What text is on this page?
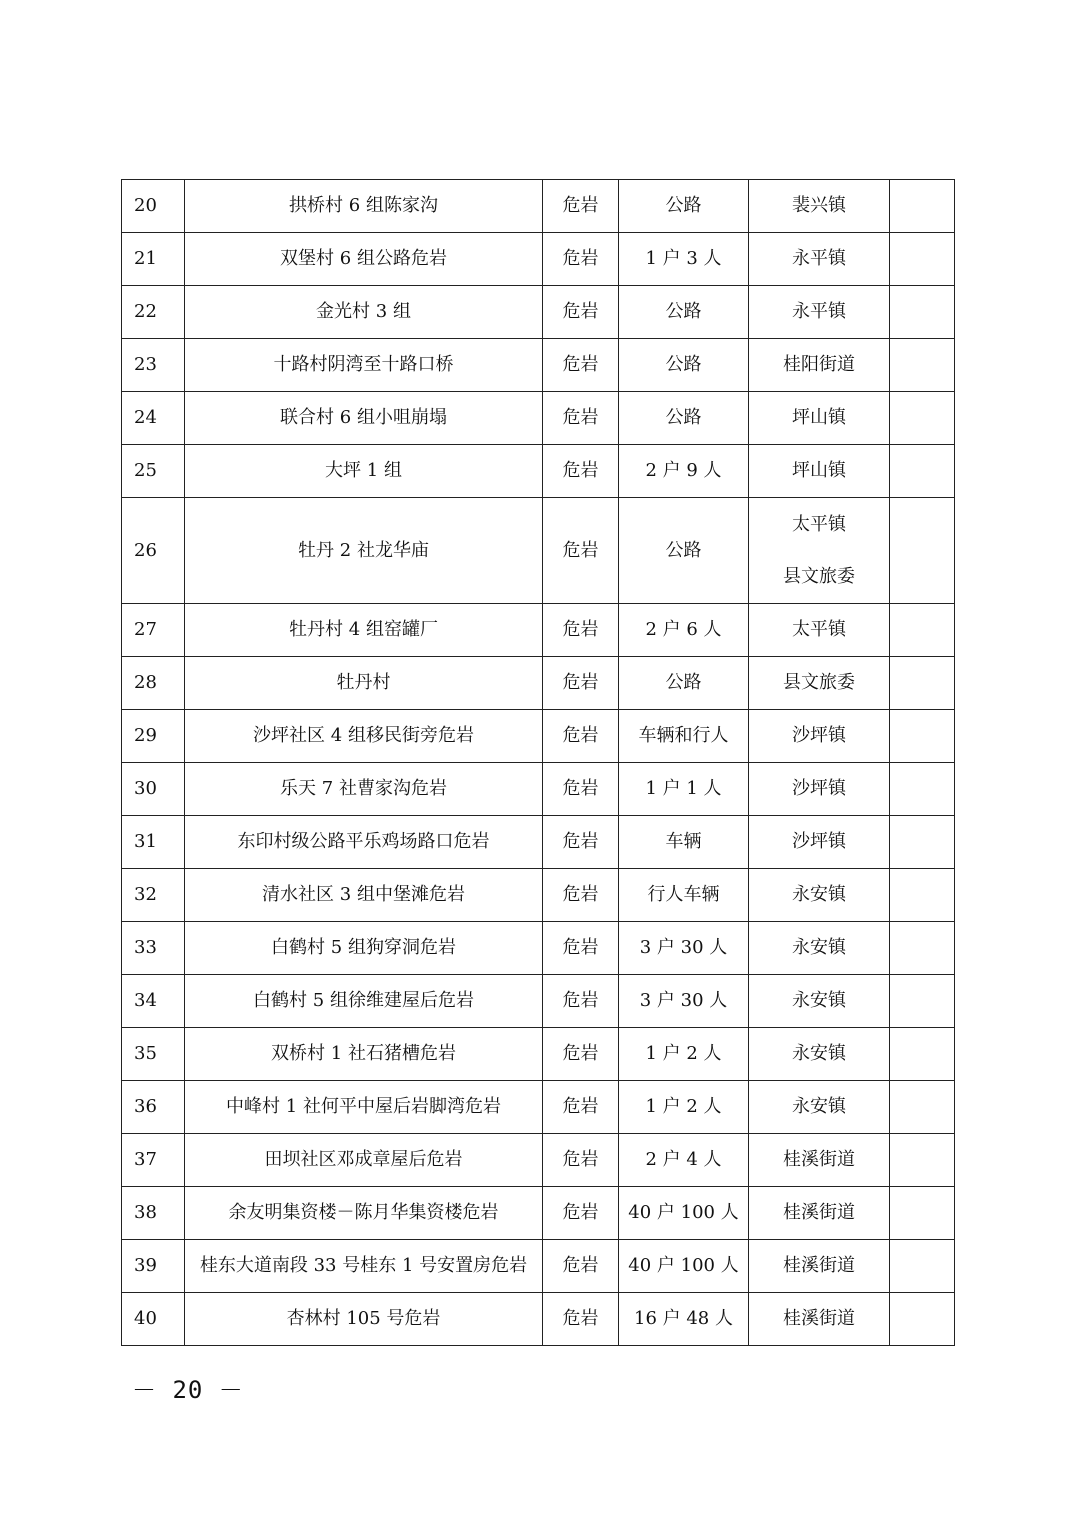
20	拱桥村 6 组陈家沟	危岩	公路	裴兴镇	
21	双堡村 6 组公路危岩	危岩	1 户 3 人	永平镇	
22	金光村 3 组	危岩	公路	永平镇	
23	十路村阴湾至十路口桥	危岩	公路	桂阳街道	
24	联合村 6 组小咀崩塌	危岩	公路	坪山镇	
25	大坪 1 组	危岩	2 户 9 人	坪山镇	
26	牡丹 2 社龙华庙	危岩	公路	太平镇
县文旅委	

27	牡丹村 4 组窑罐厂	危岩	2 户 6 人	太平镇	
28	牡丹村	危岩	公路	县文旅委	
29	沙坪社区 4 组移民街旁危岩	危岩	车辆和行人	沙坪镇	
30	乐天 7 社曹家沟危岩	危岩	1 户 1 人	沙坪镇	
31	东印村级公路平乐鸡场路口危岩	危岩	车辆	沙坪镇	
32	清水社区 3 组中堡滩危岩	危岩	行人车辆	永安镇	
33	白鹤村 5 组狗穿洞危岩	危岩	3 户 30 人	永安镇	
34	白鹤村 5 组徐维建屋后危岩	危岩	3 户 30 人	永安镇	
35	双桥村 1 社石猪槽危岩	危岩	1 户 2 人	永安镇	
36	中峰村 1 社何平中屋后岩脚湾危岩	危岩	1 户 2 人	永安镇	
37	田坝社区邓成章屋后危岩	危岩	2 户 4 人	桂溪街道	
38	余友明集资楼－陈月华集资楼危岩	危岩	40 户 100 人	桂溪街道	
39	桂东大道南段 33 号桂东 1 号安置房危岩	危岩	40 户 100 人	桂溪街道	
40	杏林村 105 号危岩	危岩	16 户 48 人	桂溪街道	
－ 20 －
